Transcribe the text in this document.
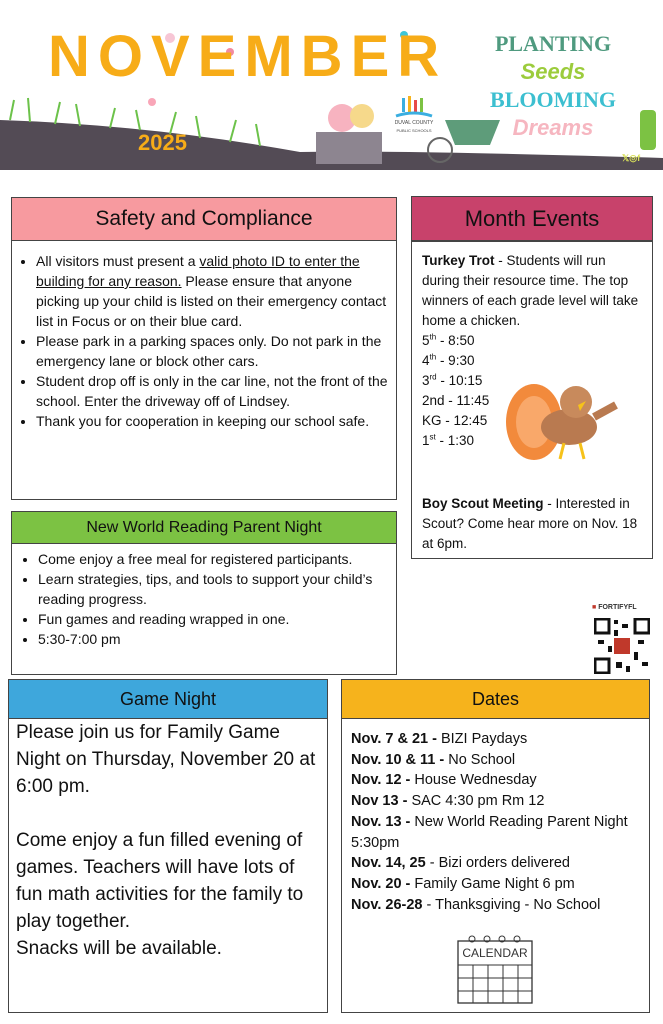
NOVEMBER
2025
DUVAL COUNTY
PUBLIC SCHOOLS
PLANTING
Seeds
BLOOMING
Dreams
𝕏◎f
Safety and Compliance
• All visitors must present a valid photo ID to enter the building for any reason. Please ensure that anyone picking up your child is listed on their emergency contact list in Focus or on their blue card.
• Please park in a parking spaces only. Do not park in the emergency lane or block other cars.
• Student drop off is only in the car line, not the front of the school. Enter the driveway off of Lindsey.
• Thank you for cooperation in keeping our school safe.
Month Events
Turkey Trot - Students will run during their resource time. The top winners of each grade level will take home a chicken.
5th - 8:50
4th - 9:30
3rd - 10:15
2nd - 11:45
KG - 12:45
1st - 1:30
Boy Scout Meeting - Interested in Scout? Come hear more on Nov. 18 at 6pm.
New World Reading Parent Night
• Come enjoy a free meal for registered participants.
• Learn strategies, tips, and tools to support your child’s reading progress.
• Fun games and reading wrapped in one.
• 5:30-7:00 pm
■ FORTIFYFL
Game Night
Please join us for Family Game Night on Thursday, November 20 at 6:00 pm.
Come enjoy a fun filled evening of games. Teachers will have lots of fun math activities for the family to play together.
Snacks will be available.
Dates
Nov. 7 & 21 - BIZI Paydays
Nov. 10 & 11 - No School
Nov. 12 - House Wednesday
Nov 13 - SAC 4:30 pm Rm 12
Nov. 13 - New World Reading Parent Night 5:30pm
Nov. 14, 25 - Bizi orders delivered
Nov. 20 - Family Game Night 6 pm
Nov. 26-28 - Thanksgiving - No School
CALENDAR
